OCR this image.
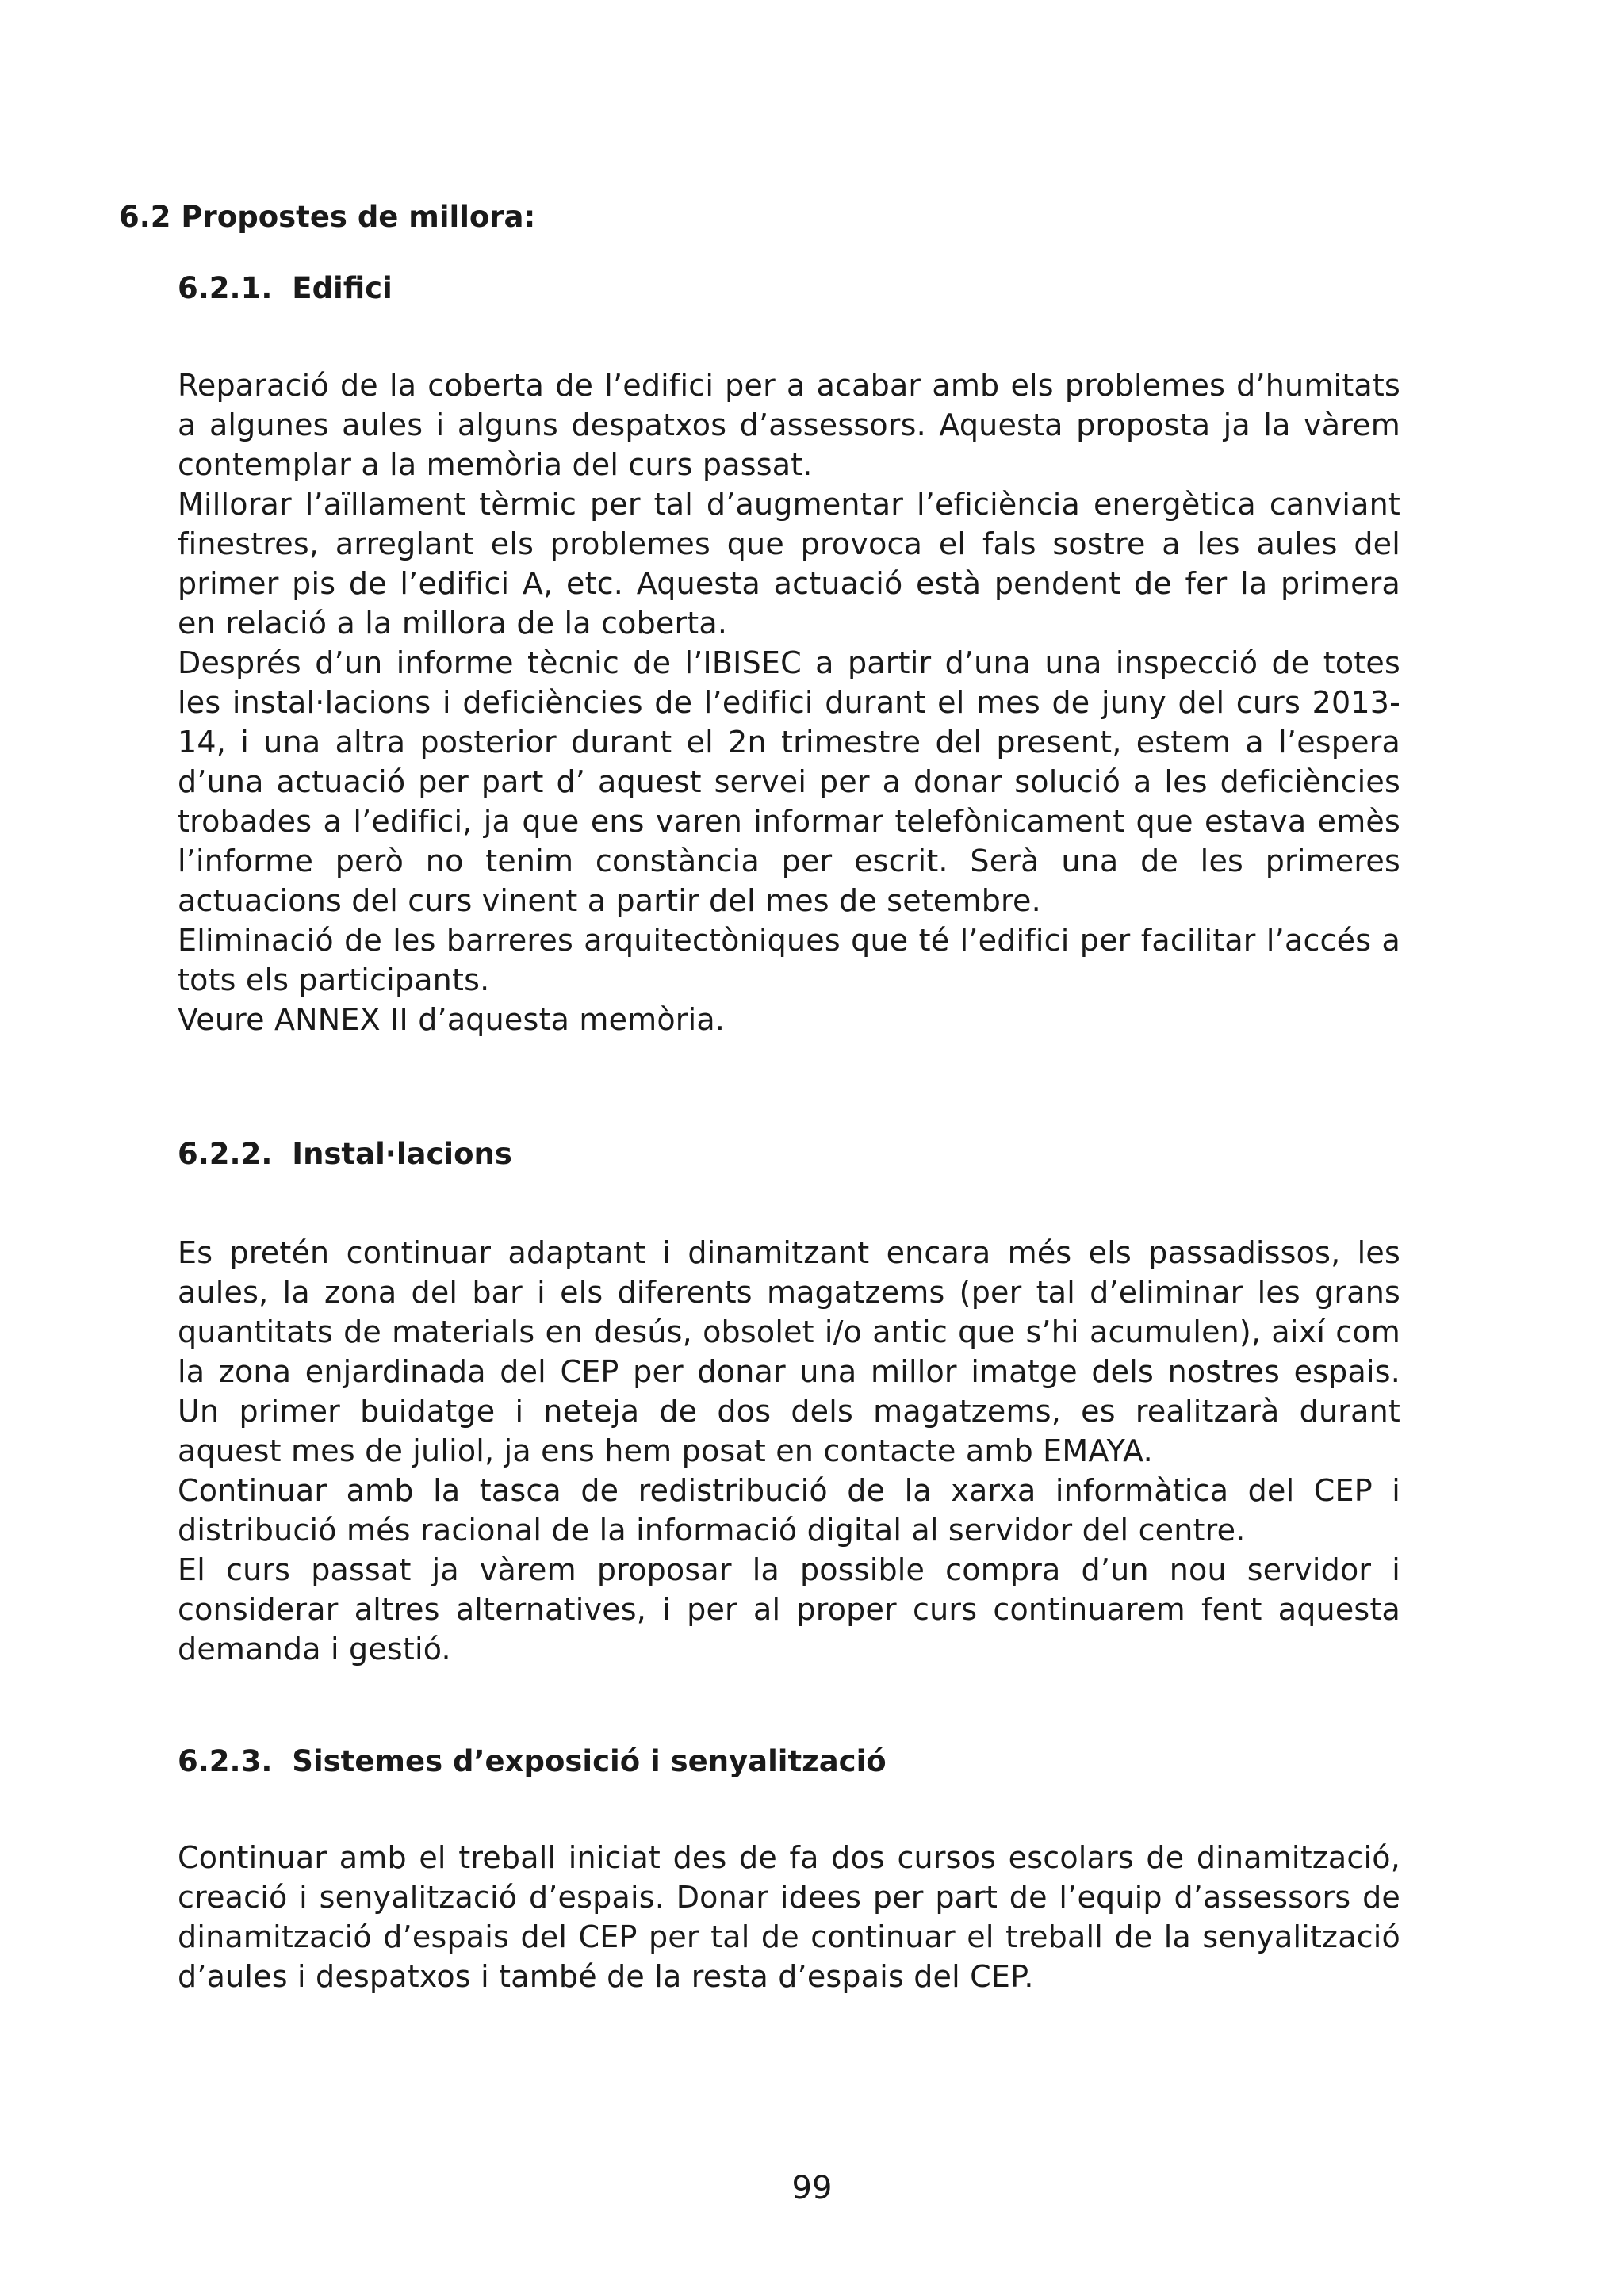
6.2 Propostes de millora:
6.2.1. Edifici

Reparació de la coberta de l’edifici per a acabar amb els problemes d’humitats a algunes aules i alguns despatxos d’assessors. Aquesta proposta ja la vàrem contemplar a la memòria del curs passat.

Millorar l’aïllament tèrmic per tal d’augmentar l’eficiència energètica canviant finestres, arreglant els problemes que provoca el fals sostre a les aules del primer pis de l’edifici A, etc. Aquesta actuació està pendent de fer la primera en relació a la millora de la coberta.

Després d’un informe tècnic de l’IBISEC a partir d’una una inspecció de totes les instal·lacions i deficiències de l’edifici durant el mes de juny del curs 2013-14, i una altra posterior durant el 2n trimestre del present, estem a l’espera d’una actuació per part d’ aquest servei per a donar solució a les deficiències trobades a l’edifici, ja que ens varen informar telefònicament que estava emès l’informe però no tenim constància per escrit. Serà una de les primeres actuacions del curs vinent a partir del mes de setembre.

Eliminació de les barreres arquitectòniques que té l’edifici per facilitar l’accés a tots els participants.

Veure ANNEX II d’aquesta memòria.

6.2.2. Instal·lacions

Es pretén continuar adaptant i dinamitzant encara més els passadissos, les aules, la zona del bar i els diferents magatzems (per tal d’eliminar les grans quantitats de materials en desús, obsolet i/o antic que s’hi acumulen), així com la zona enjardinada del CEP per donar una millor imatge dels nostres espais. Un primer buidatge i neteja de dos dels magatzems, es realitzarà durant aquest mes de juliol, ja ens hem posat en contacte amb EMAYA.

Continuar amb la tasca de redistribució de la xarxa informàtica del CEP i distribució més racional de la informació digital al servidor del centre.

El curs passat ja vàrem proposar la possible compra d’un nou servidor i considerar altres alternatives, i per al proper curs continuarem fent aquesta demanda i gestió.

6.2.3. Sistemes d’exposició i senyalització

Continuar amb el treball iniciat des de fa dos cursos escolars de dinamització, creació i senyalització d’espais. Donar idees per part de l’equip d’assessors de dinamització d’espais del CEP per tal de continuar el treball de la senyalització d’aules i despatxos i també de la resta d’espais del CEP.

99
